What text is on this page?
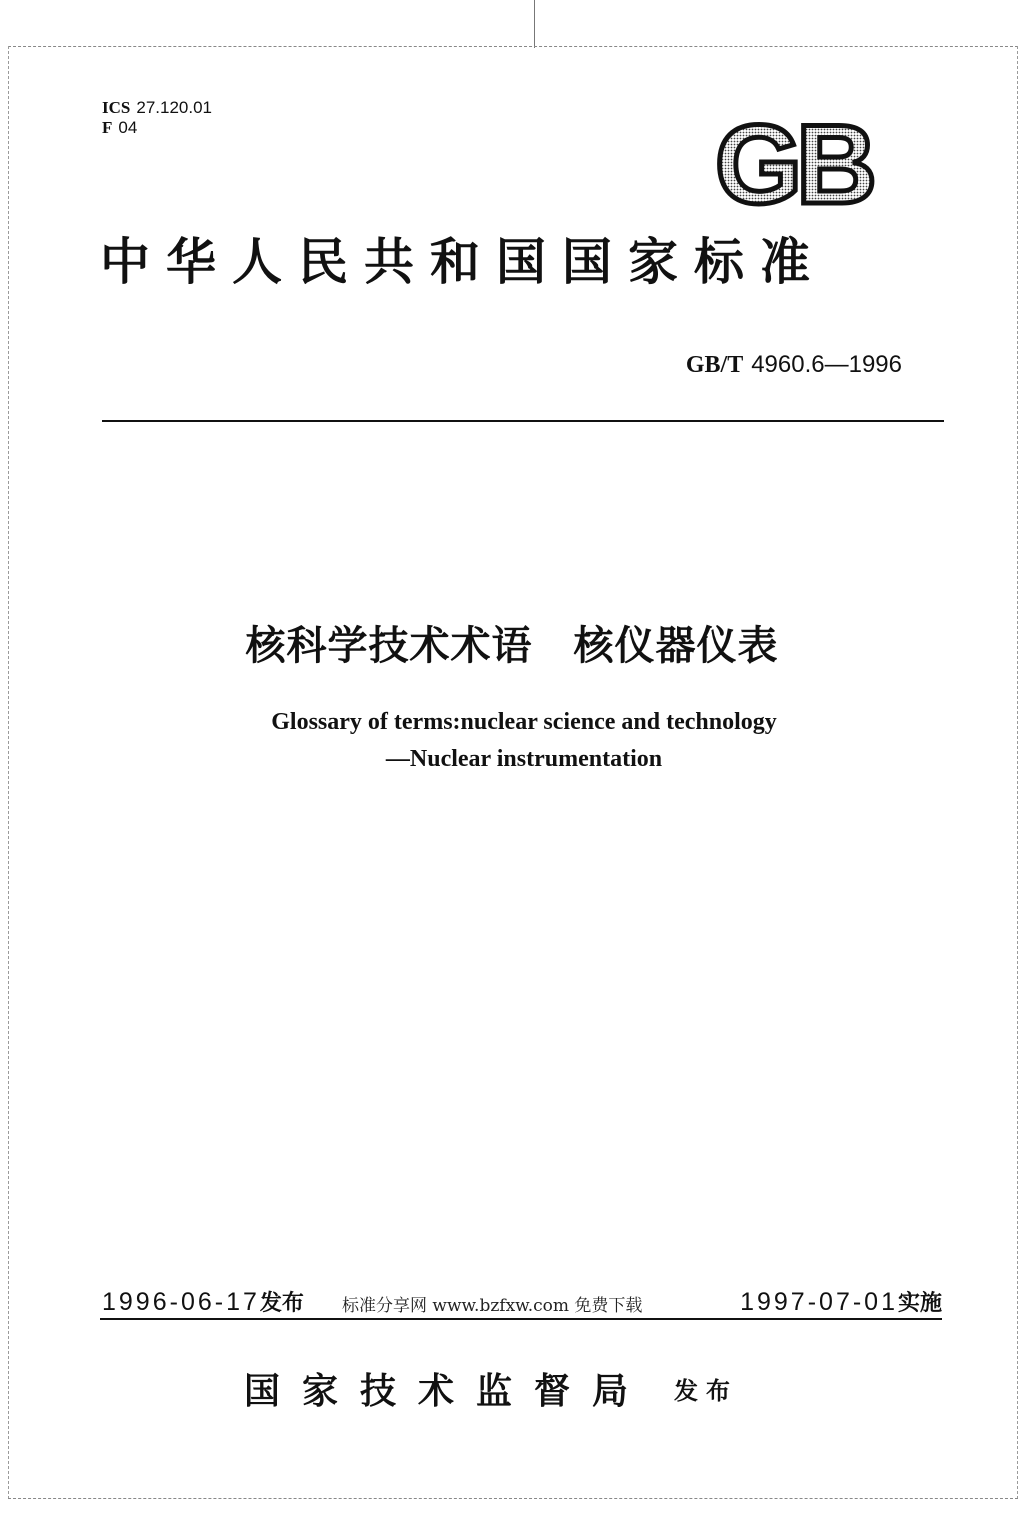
ICS 27.120.01
F 04	GB
中华人民共和国国家标准
GB/T 4960.6—1996
核科学技术术语　核仪器仪表
Glossary of terms:nuclear science and technology
—Nuclear instrumentation
1996-06-17发布 标准分享网 www.bzfxw.com 免费下载	1997-07-01实施
国家技术监督局 发布
